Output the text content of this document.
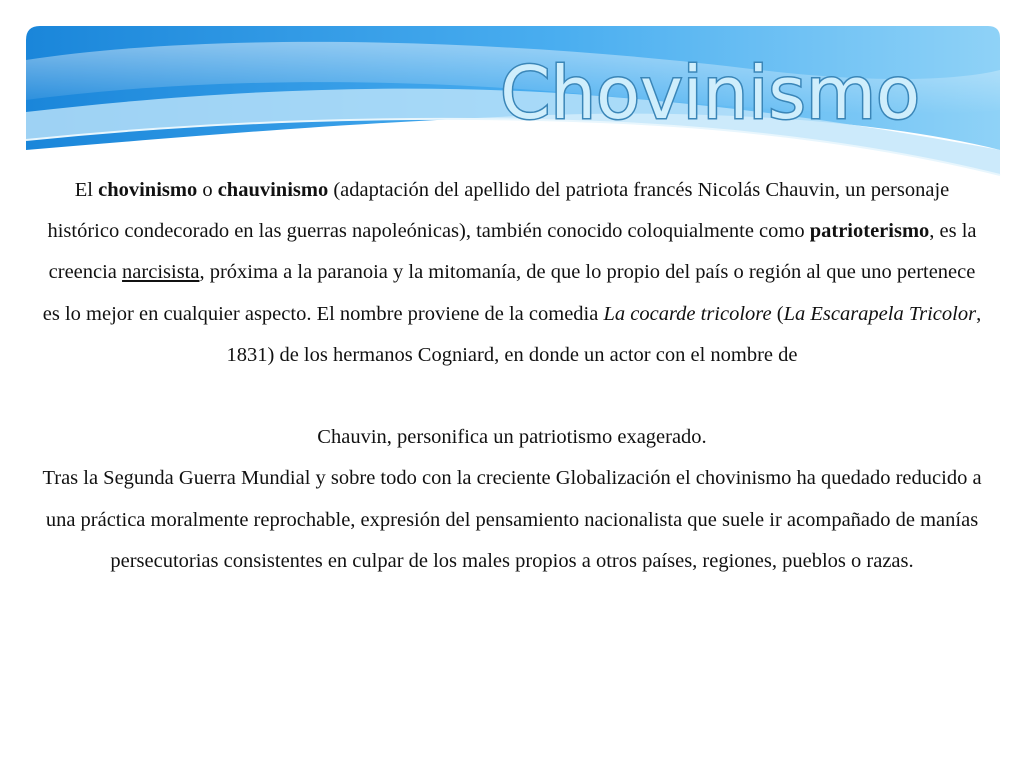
Chovinismo

El chovinismo o chauvinismo (adaptación del apellido del patriota francés Nicolás Chauvin, un personaje histórico condecorado en las guerras napoleónicas), también conocido coloquialmente como patrioterismo, es la creencia narcisista, próxima a la paranoia y la mitomanía, de que lo propio del país o región al que uno pertenece es lo mejor en cualquier aspecto. El nombre proviene de la comedia La cocarde tricolore (La Escarapela Tricolor, 1831) de los hermanos Cogniard, en donde un actor con el nombre de

Chauvin, personifica un patriotismo exagerado.

Tras la Segunda Guerra Mundial y sobre todo con la creciente Globalización el chovinismo ha quedado reducido a una práctica moralmente reprochable, expresión del pensamiento nacionalista que suele ir acompañado de manías persecutorias consistentes en culpar de los males propios a otros países, regiones, pueblos o razas.
